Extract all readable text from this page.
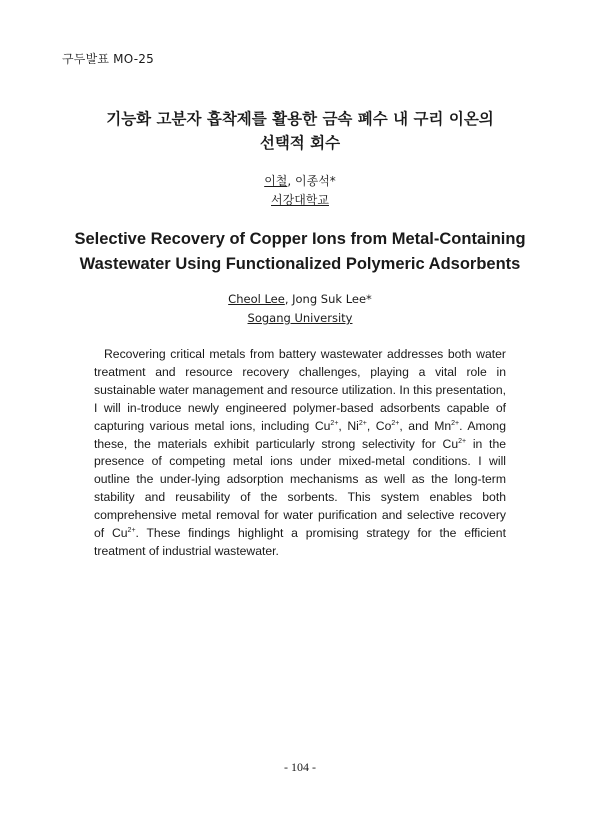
구두발표 MO-25
기능화 고분자 흡착제를 활용한 금속 폐수 내 구리 이온의
선택적 회수
이철, 이종석*
서강대학교
Selective Recovery of Copper Ions from Metal-Containing
Wastewater Using Functionalized Polymeric Adsorbents
Cheol Lee, Jong Suk Lee*
Sogang University
Recovering critical metals from battery wastewater addresses both water treatment and resource recovery challenges, playing a vital role in sustainable water management and resource utilization. In this presentation, I will in-troduce newly engineered polymer-based adsorbents capable of capturing various metal ions, including $Cu^{2+}$, $Ni^{2+}$, $Co^{2+}$, and $Mn^{2+}$. Among these, the materials exhibit particularly strong selectivity for $Cu^{2+}$ in the presence of competing metal ions under mixed-metal conditions. I will outline the under-lying adsorption mechanisms as well as the long-term stability and reusability of the sorbents. This system enables both comprehensive metal removal for water purification and selective recovery of $Cu^{2+}$. These findings highlight a promising strategy for the efficient treatment of industrial wastewater.
- 104 -
